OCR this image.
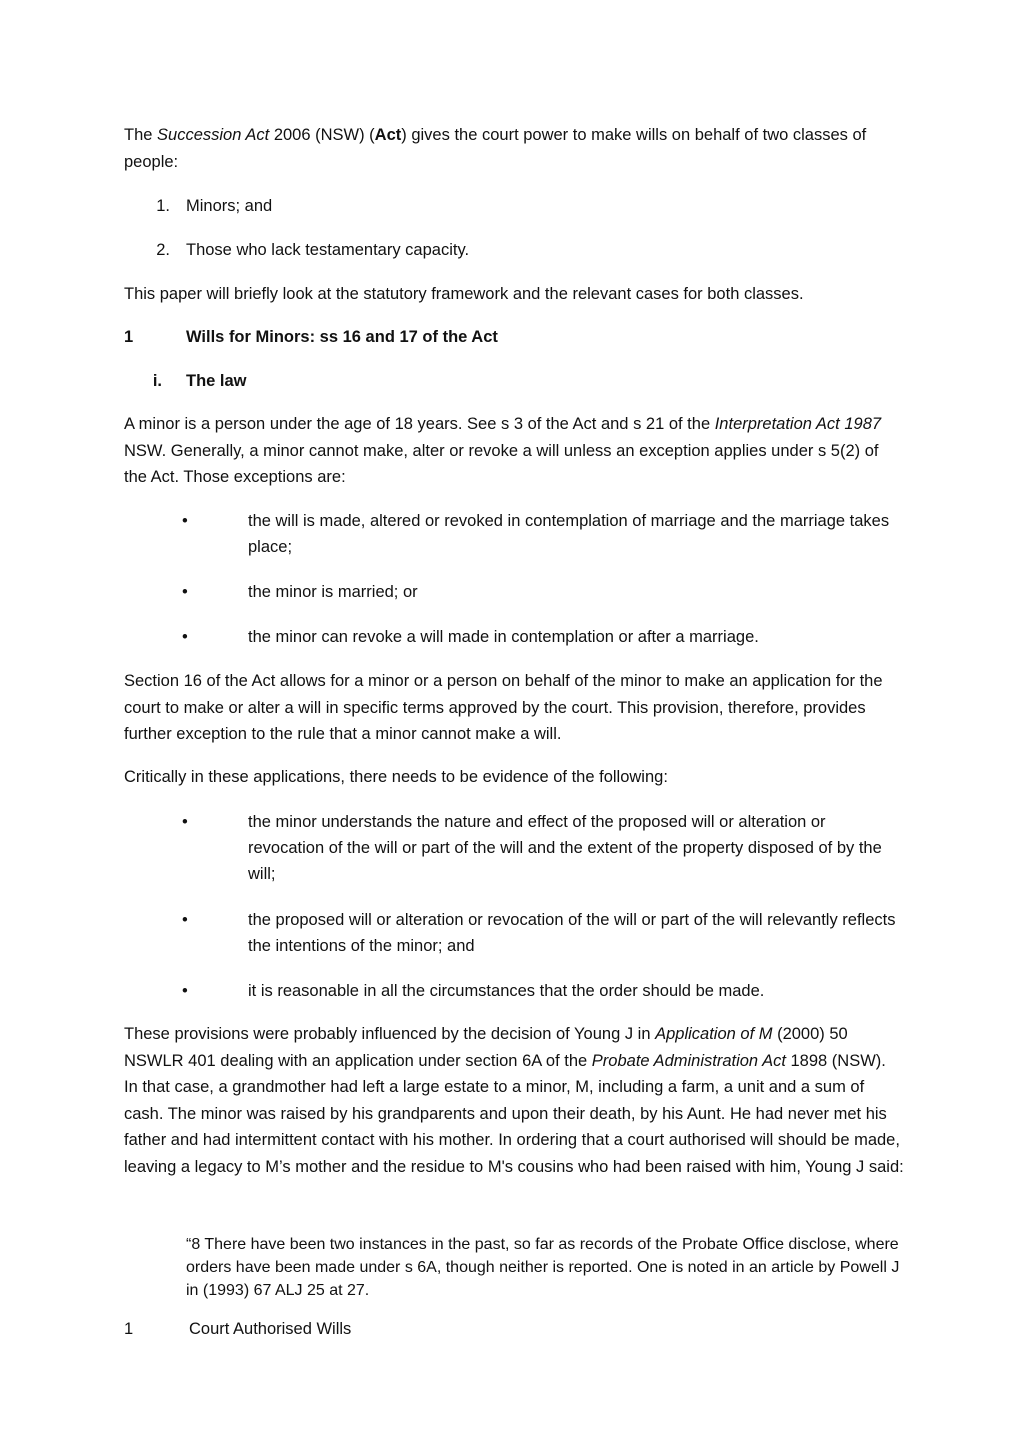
The Succession Act 2006 (NSW) (Act) gives the court power to make wills on behalf of two classes of people:

1. Minors; and
2. Those who lack testamentary capacity.

This paper will briefly look at the statutory framework and the relevant cases for both classes.

1	Wills for Minors: ss 16 and 17 of the Act
i. The law

A minor is a person under the age of 18 years. See s 3 of the Act and s 21 of the Interpretation Act 1987 NSW. Generally, a minor cannot make, alter or revoke a will unless an exception applies under s 5(2) of the Act. Those exceptions are:

•	the will is made, altered or revoked in contemplation of marriage and the marriage takes place;
•	the minor is married; or
•	the minor can revoke a will made in contemplation or after a marriage.

Section 16 of the Act allows for a minor or a person on behalf of the minor to make an application for the court to make or alter a will in specific terms approved by the court. This provision, therefore, provides further exception to the rule that a minor cannot make a will.

Critically in these applications, there needs to be evidence of the following:

•	the minor understands the nature and effect of the proposed will or alteration or revocation of the will or part of the will and the extent of the property disposed of by the will;
•	the proposed will or alteration or revocation of the will or part of the will relevantly reflects the intentions of the minor; and
•	it is reasonable in all the circumstances that the order should be made.

These provisions were probably influenced by the decision of Young J in Application of M (2000) 50 NSWLR 401 dealing with an application under section 6A of the Probate Administration Act 1898 (NSW). In that case, a grandmother had left a large estate to a minor, M, including a farm, a unit and a sum of cash. The minor was raised by his grandparents and upon their death, by his Aunt. He had never met his father and had intermittent contact with his mother. In ordering that a court authorised will should be made, leaving a legacy to M’s mother and the residue to M's cousins who had been raised with him, Young J said:

“8 There have been two instances in the past, so far as records of the Probate Office disclose, where orders have been made under s 6A, though neither is reported. One is noted in an article by Powell J in (1993) 67 ALJ 25 at 27.

1	Court Authorised Wills
